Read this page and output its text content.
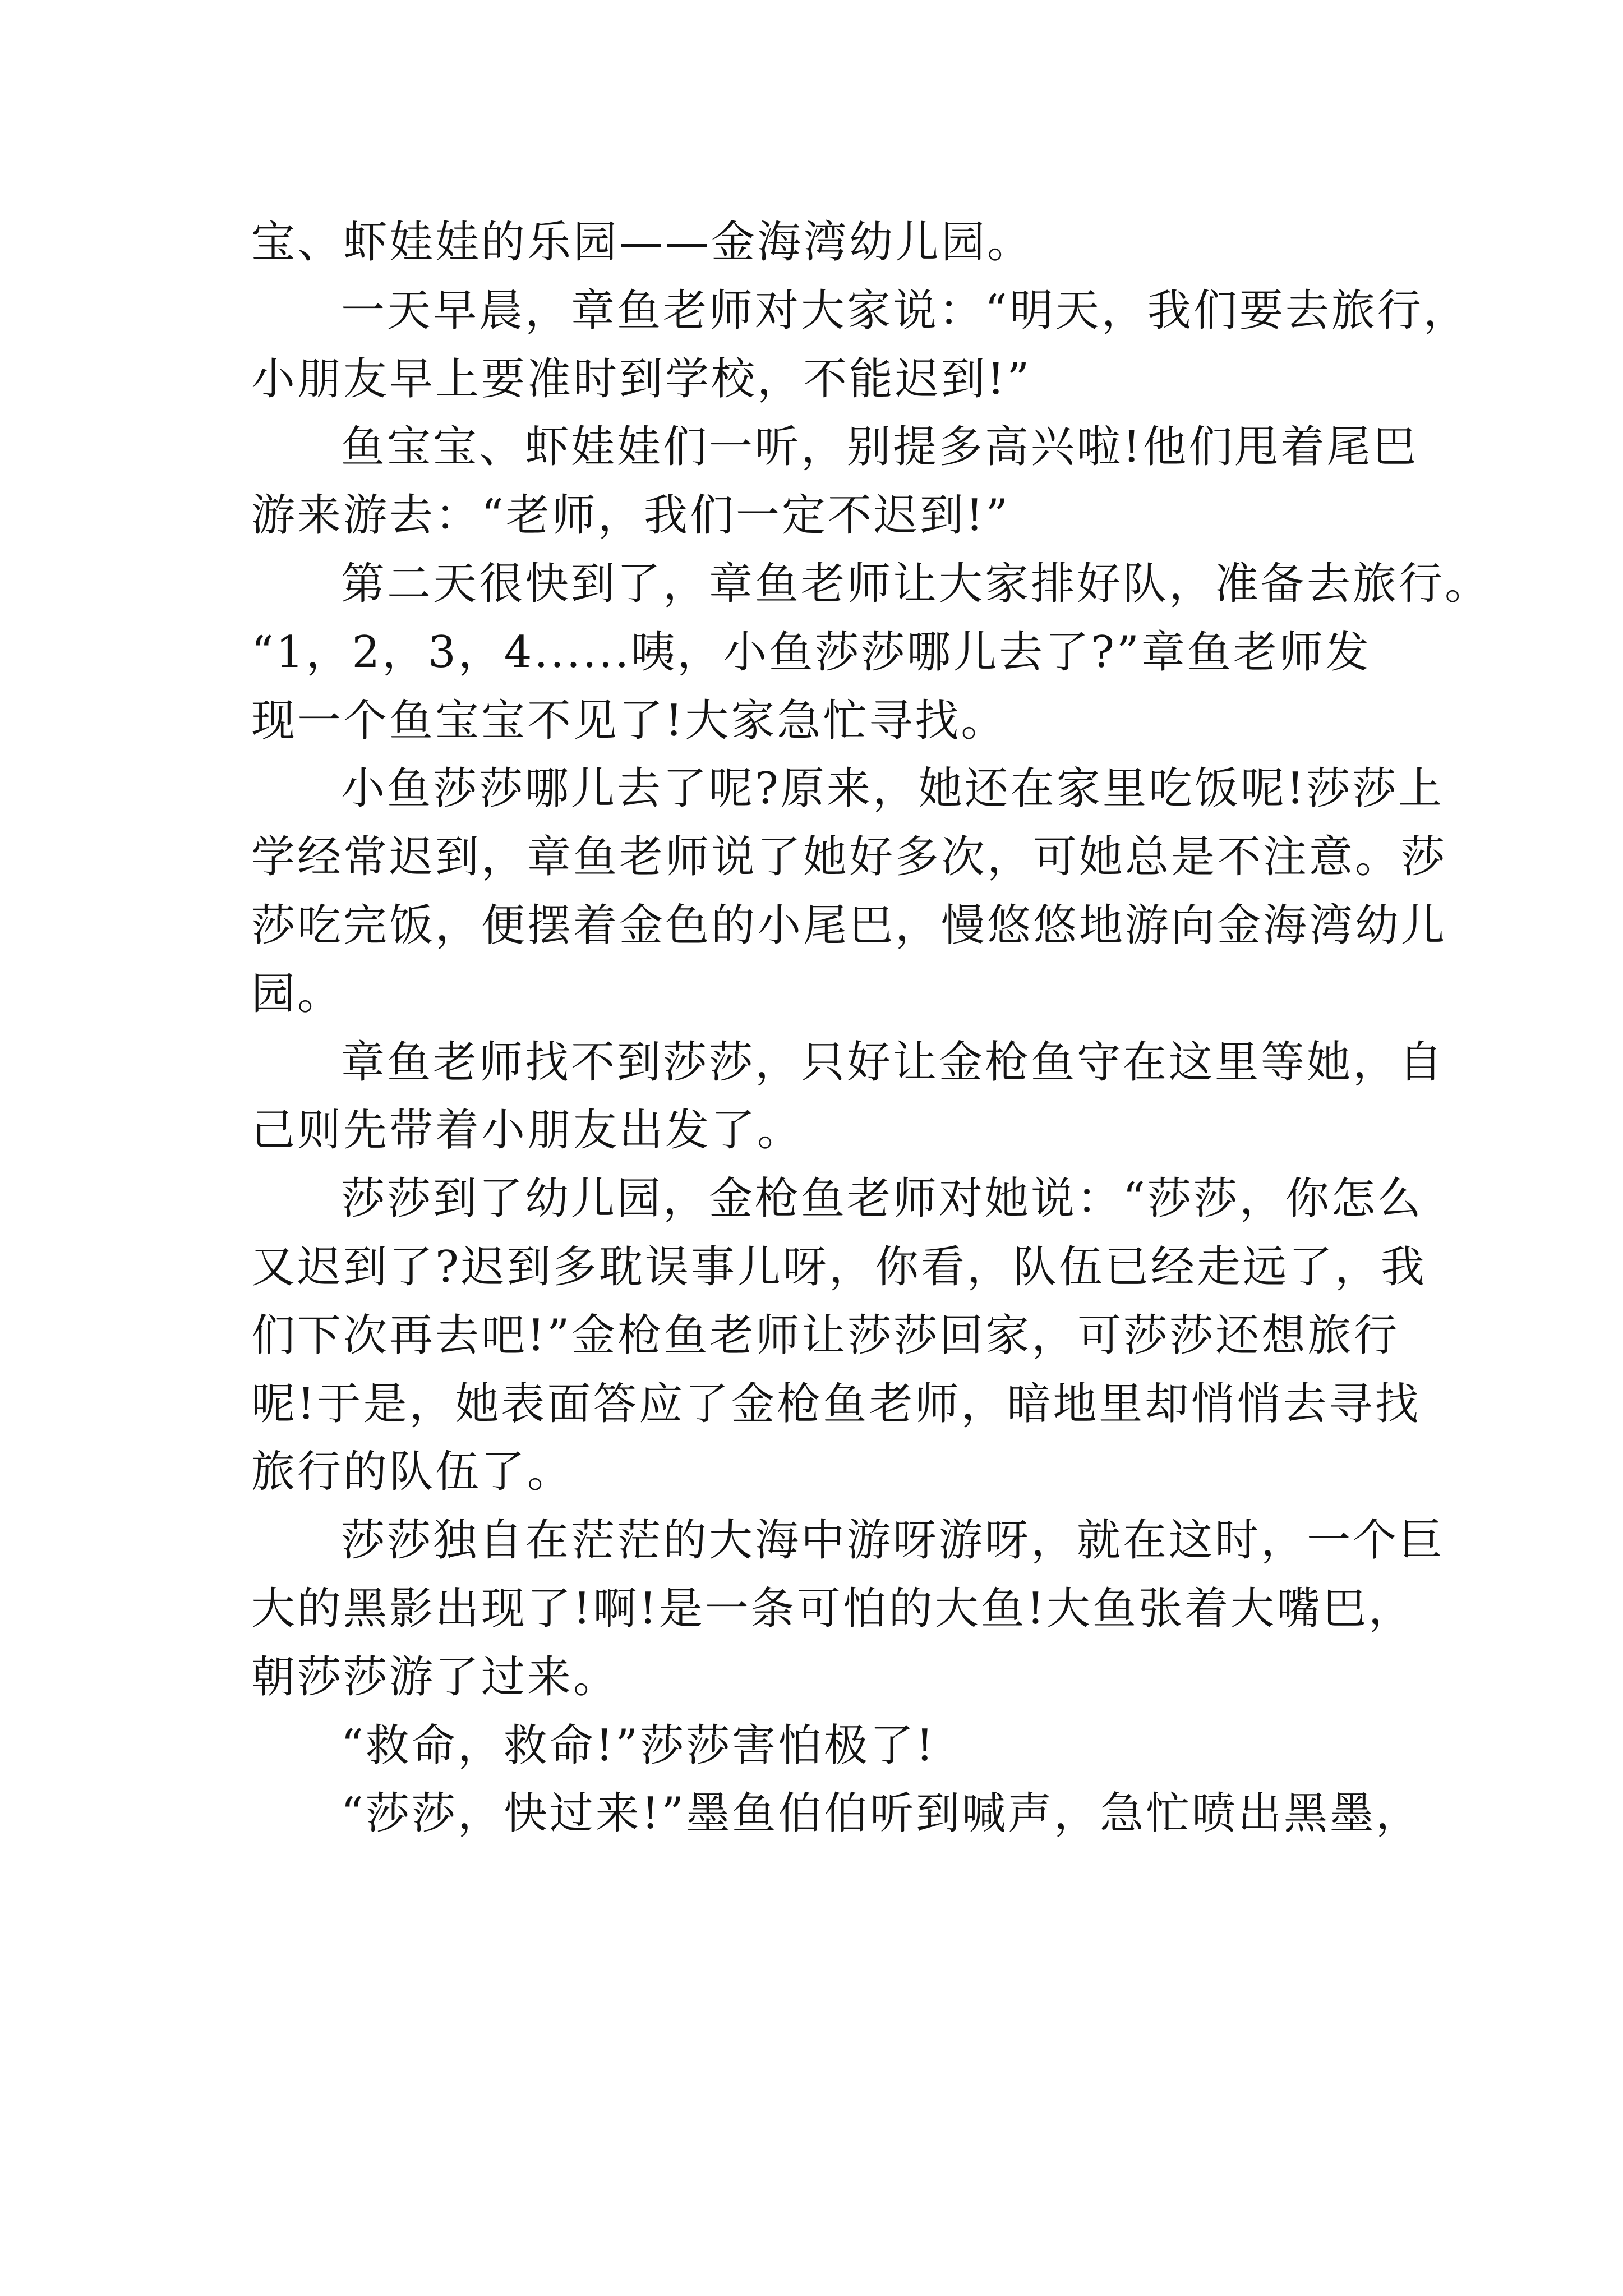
宝、虾娃娃的乐园——金海湾幼儿园。
一天早晨，章鱼老师对大家说：“明天，我们要去旅行，
小朋友早上要准时到学校，不能迟到!”
鱼宝宝、虾娃娃们一听，别提多高兴啦!他们甩着尾巴
游来游去：“老师，我们一定不迟到!”
第二天很快到了，章鱼老师让大家排好队，准备去旅行。
“1，2，3，4......咦，小鱼莎莎哪儿去了?”章鱼老师发
现一个鱼宝宝不见了!大家急忙寻找。
小鱼莎莎哪儿去了呢?原来，她还在家里吃饭呢!莎莎上
学经常迟到，章鱼老师说了她好多次，可她总是不注意。莎
莎吃完饭，便摆着金色的小尾巴，慢悠悠地游向金海湾幼儿
园。
章鱼老师找不到莎莎，只好让金枪鱼守在这里等她，自
己则先带着小朋友出发了。
莎莎到了幼儿园，金枪鱼老师对她说：“莎莎，你怎么
又迟到了?迟到多耽误事儿呀，你看，队伍已经走远了，我
们下次再去吧!”金枪鱼老师让莎莎回家，可莎莎还想旅行
呢!于是，她表面答应了金枪鱼老师，暗地里却悄悄去寻找
旅行的队伍了。
莎莎独自在茫茫的大海中游呀游呀，就在这时，一个巨
大的黑影出现了!啊!是一条可怕的大鱼!大鱼张着大嘴巴，
朝莎莎游了过来。
“救命，救命!”莎莎害怕极了!
“莎莎，快过来!”墨鱼伯伯听到喊声，急忙喷出黑墨，
